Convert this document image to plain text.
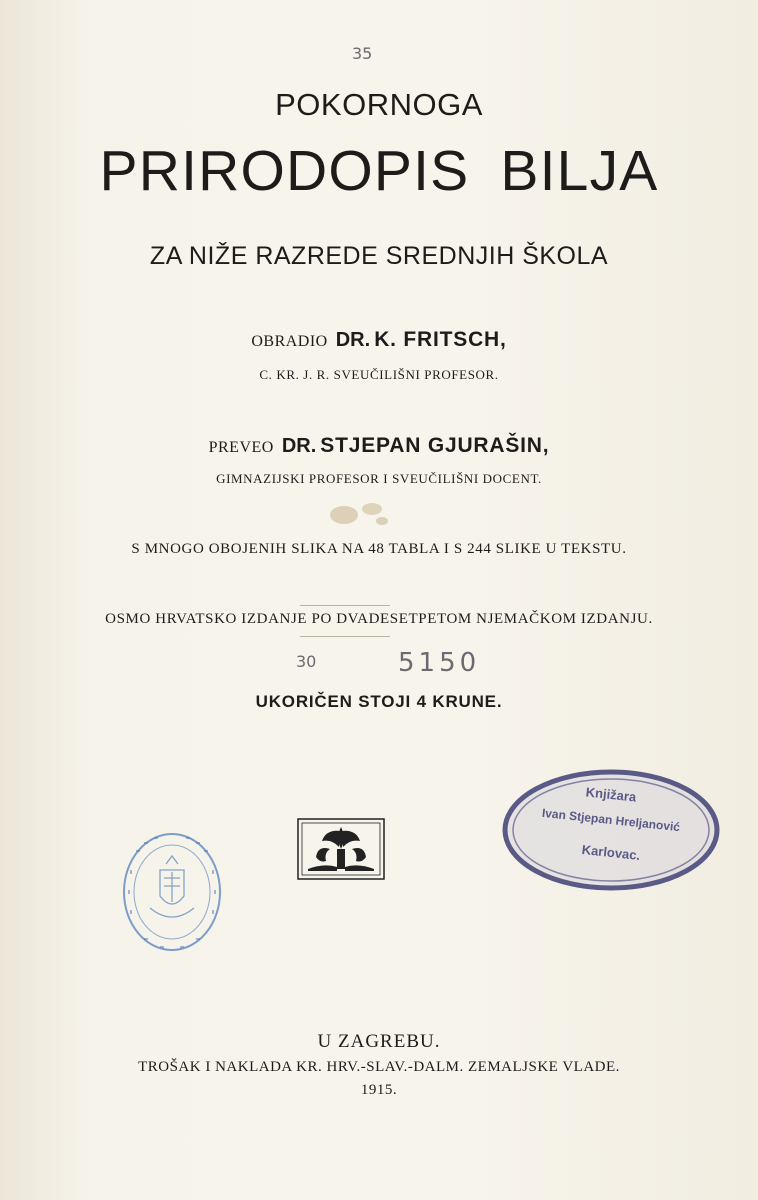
35
POKORNOGA
PRIRODOPIS BILJA
ZA NIŽE RAZREDE SREDNJIH ŠKOLA
OBRADIO DR. K. FRITSCH,
C. KR. J. R. SVEUČILIŠNI PROFESOR.
PREVEO DR. STJEPAN GJURAŠIN,
GIMNAZIJSKI PROFESOR I SVEUČILIŠNI DOCENT.
S MNOGO OBOJENIH SLIKA NA 48 TABLA I S 244 SLIKE U TEKSTU.
OSMO HRVATSKO IZDANJE PO DVADESETPETOM NJEMAČKOM IZDANJU.
30	5150
UKORIČEN STOJI 4 KRUNE.
Knjižara
Ivan Stjepan Hreljanović
Karlovac.
U ZAGREBU.
TROŠAK I NAKLADA KR. HRV.-SLAV.-DALM. ZEMALJSKE VLADE.
1915.
